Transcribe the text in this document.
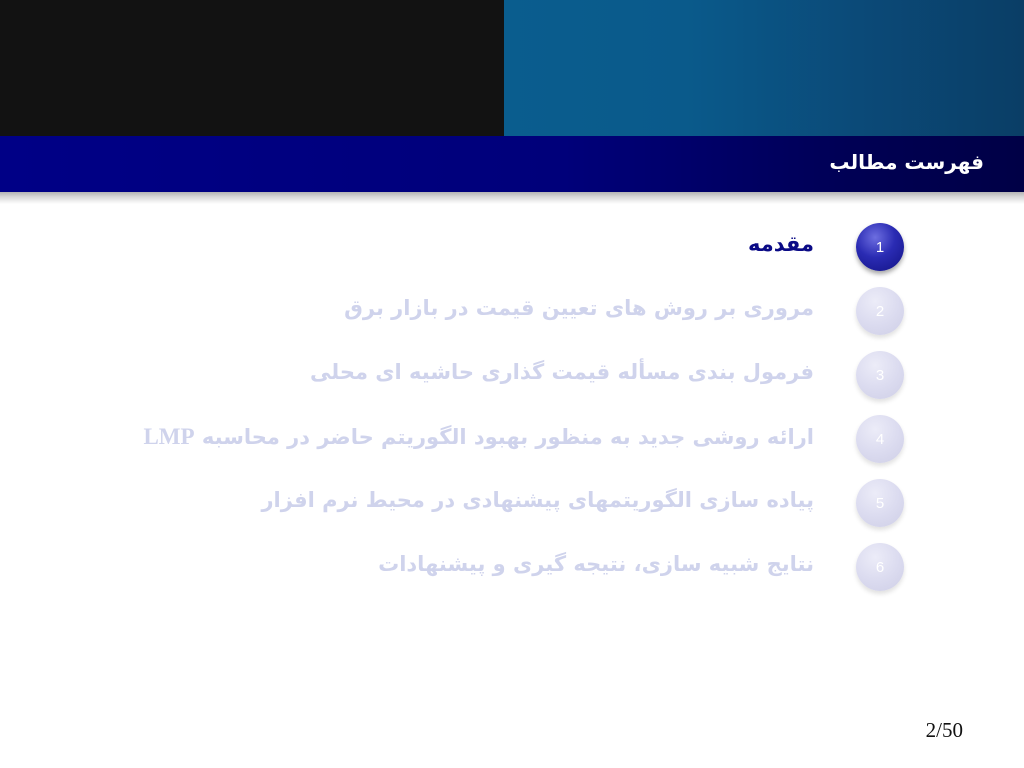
فهرست مطالب
1
مقدمه
2
مروری بر روش های تعیین قیمت در بازار برق
3
فرمول بندی مسأله قیمت گذاری حاشیه ای محلی
4
ارائه روشی جدید به منظور بهبود الگوریتم حاضر در محاسبه LMP
5
پیاده سازی الگوریتمهای پیشنهادی در محیط نرم افزار
6
نتایج شبیه سازی، نتیجه گیری و پیشنهادات
2/50
